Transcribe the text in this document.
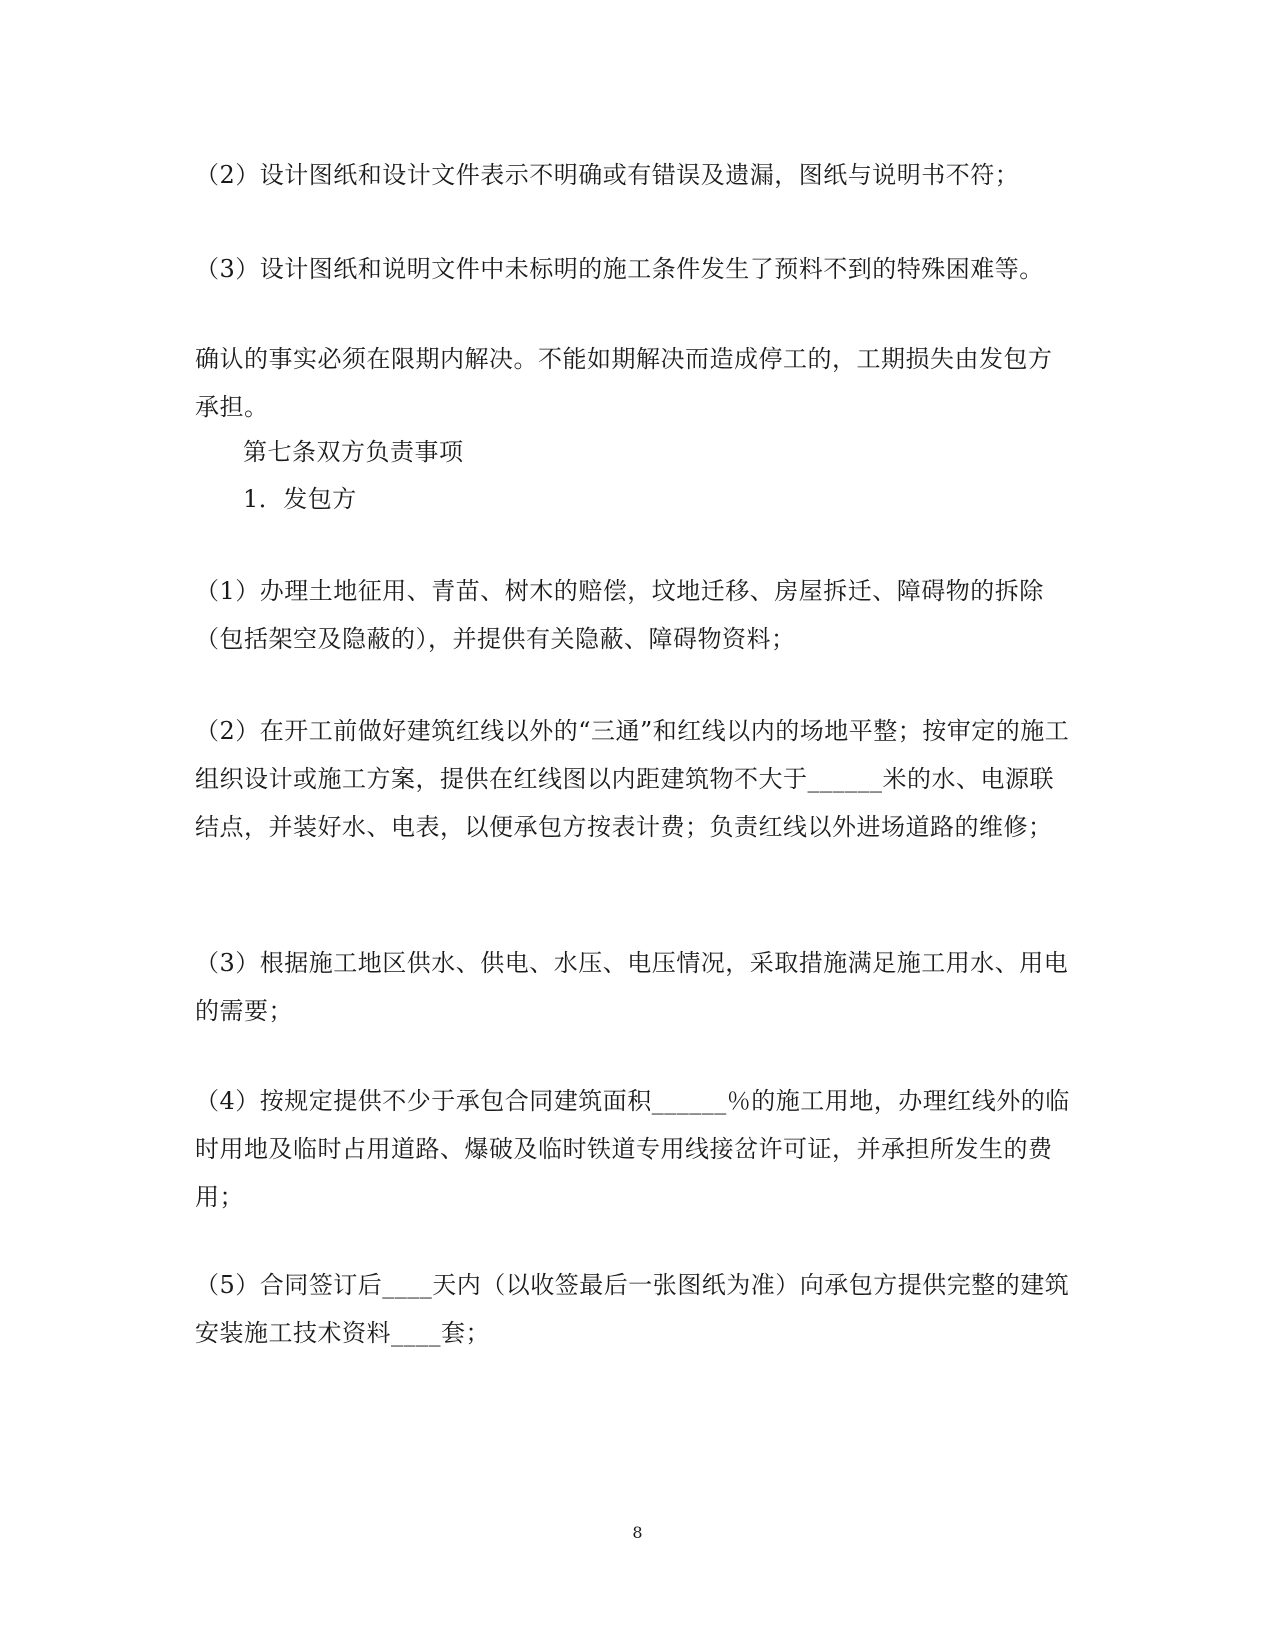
（2）设计图纸和设计文件表示不明确或有错误及遗漏，图纸与说明书不符；

（3）设计图纸和说明文件中未标明的施工条件发生了预料不到的特殊困难等。

确认的事实必须在限期内解决。不能如期解决而造成停工的，工期损失由发包方承担。

第七条双方负责事项

1．发包方

（1）办理土地征用、青苗、树木的赔偿，坟地迁移、房屋拆迁、障碍物的拆除（包括架空及隐蔽的），并提供有关隐蔽、障碍物资料；

（2）在开工前做好建筑红线以外的“三通”和红线以内的场地平整；按审定的施工组织设计或施工方案，提供在红线图以内距建筑物不大于______米的水、电源联结点，并装好水、电表，以便承包方按表计费；负责红线以外进场道路的维修；

（3）根据施工地区供水、供电、水压、电压情况，采取措施满足施工用水、用电的需要；

（4）按规定提供不少于承包合同建筑面积______％的施工用地，办理红线外的临时用地及临时占用道路、爆破及临时铁道专用线接岔许可证，并承担所发生的费用；

（5）合同签订后____天内（以收签最后一张图纸为准）向承包方提供完整的建筑安装施工技术资料____套；

8
